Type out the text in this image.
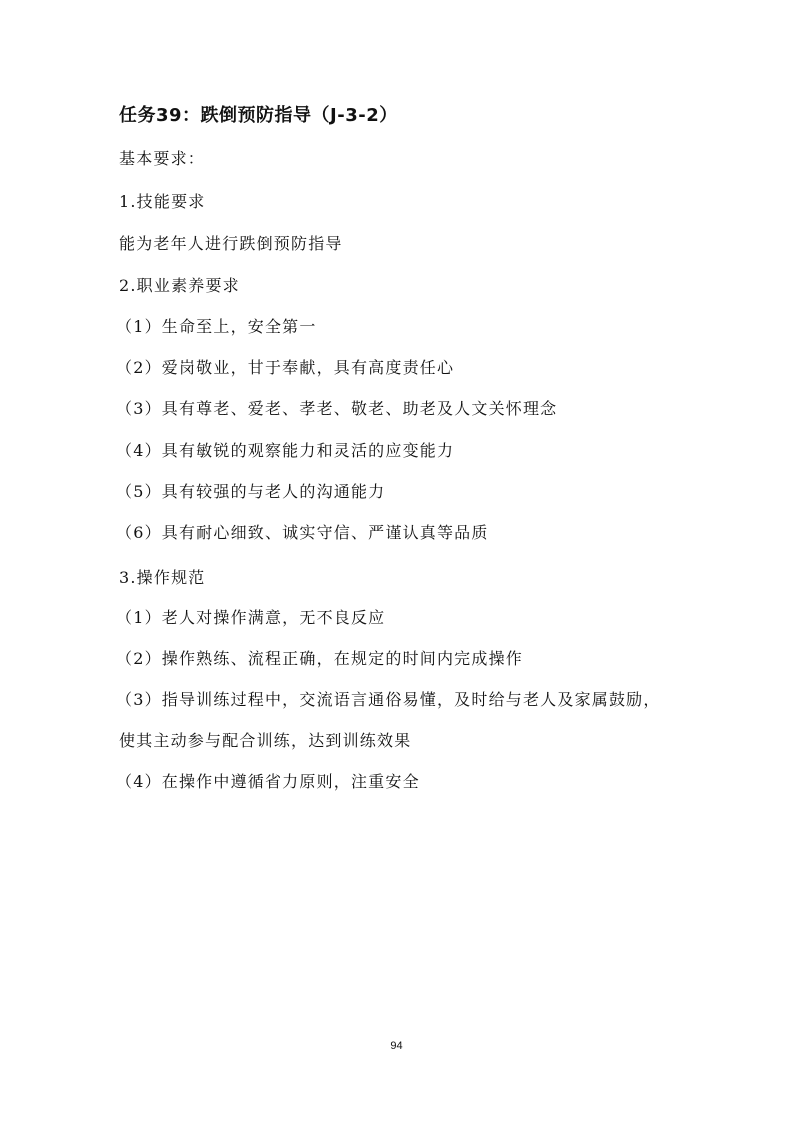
任务39：跌倒预防指导（J-3-2）
基本要求：
1.技能要求
能为老年人进行跌倒预防指导
2.职业素养要求
（1）生命至上，安全第一
（2）爱岗敬业，甘于奉献，具有高度责任心
（3）具有尊老、爱老、孝老、敬老、助老及人文关怀理念
（4）具有敏锐的观察能力和灵活的应变能力
（5）具有较强的与老人的沟通能力
（6）具有耐心细致、诚实守信、严谨认真等品质
3.操作规范
（1）老人对操作满意，无不良反应
（2）操作熟练、流程正确，在规定的时间内完成操作
（3）指导训练过程中，交流语言通俗易懂，及时给与老人及家属鼓励，
使其主动参与配合训练，达到训练效果
（4）在操作中遵循省力原则，注重安全
94
